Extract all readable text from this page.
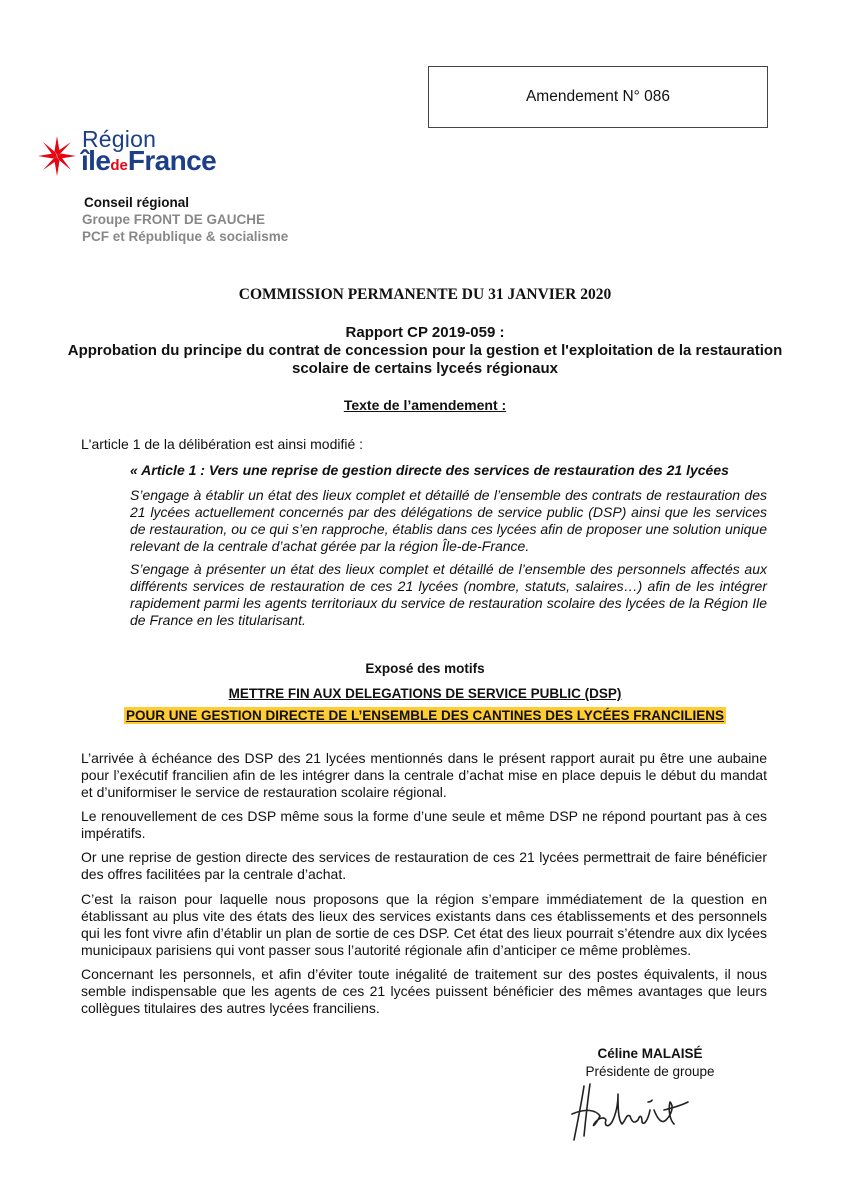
Amendement N° 086
Région
îledeFrance
Conseil régional
Groupe FRONT DE GAUCHE
PCF et République & socialisme
COMMISSION PERMANENTE DU 31 JANVIER 2020
Rapport CP 2019-059 :
Approbation du principe du contrat de concession pour la gestion et l'exploitation de la restauration scolaire de certains lyceés régionaux
Texte de l’amendement :
L'article 1 de la délibération est ainsi modifié :
« Article 1 : Vers une reprise de gestion directe des services de restauration des 21 lycées
S’engage à établir un état des lieux complet et détaillé de l’ensemble des contrats de restauration des 21 lycées actuellement concernés par des délégations de service public (DSP) ainsi que les services de restauration, ou ce qui s’en rapproche, établis dans ces lycées afin de proposer une solution unique relevant de la centrale d’achat gérée par la région Île-de-France.
S’engage à présenter un état des lieux complet et détaillé de l’ensemble des personnels affectés aux différents services de restauration de ces 21 lycées (nombre, statuts, salaires…) afin de les intégrer rapidement parmi les agents territoriaux du service de restauration scolaire des lycées de la Région Ile de France en les titularisant.
Exposé des motifs
METTRE FIN AUX DELEGATIONS DE SERVICE PUBLIC (DSP)
POUR UNE GESTION DIRECTE DE L’ENSEMBLE DES CANTINES DES LYCÉES FRANCILIENS
L’arrivée à échéance des DSP des 21 lycées mentionnés dans le présent rapport aurait pu être une aubaine pour l’exécutif francilien afin de les intégrer dans la centrale d’achat mise en place depuis le début du mandat et d’uniformiser le service de restauration scolaire régional.
Le renouvellement de ces DSP même sous la forme d’une seule et même DSP ne répond pourtant pas à ces impératifs.
Or une reprise de gestion directe des services de restauration de ces 21 lycées permettrait de faire bénéficier des offres facilitées par la centrale d’achat.
C’est la raison pour laquelle nous proposons que la région s’empare immédiatement de la question en établissant au plus vite des états des lieux des services existants dans ces établissements et des personnels qui les font vivre afin d’établir un plan de sortie de ces DSP. Cet état des lieux pourrait s’étendre aux dix lycées municipaux parisiens qui vont passer sous l’autorité régionale afin d’anticiper ce même problèmes.
Concernant les personnels, et afin d’éviter toute inégalité de traitement sur des postes équivalents, il nous semble indispensable que les agents de ces 21 lycées puissent bénéficier des mêmes avantages que leurs collègues titulaires des autres lycées franciliens.
Céline MALAISÉ
Présidente de groupe
